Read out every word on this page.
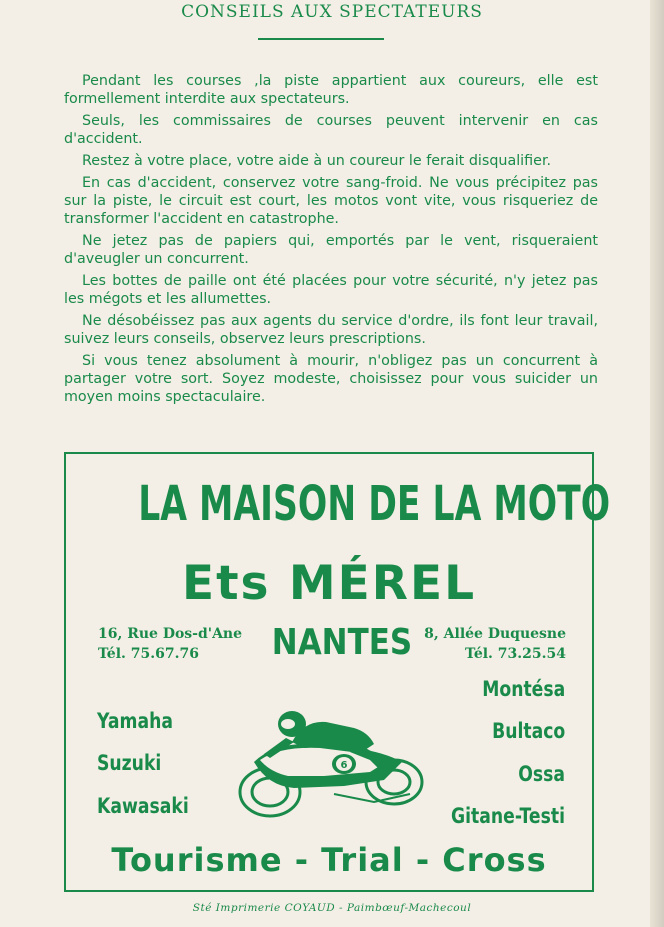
CONSEILS AUX SPECTATEURS

Pendant les courses ,la piste appartient aux coureurs, elle est formellement interdite aux spectateurs.

Seuls, les commissaires de courses peuvent intervenir en cas d'accident.

Restez à votre place, votre aide à un coureur le ferait disqualifier.

En cas d'accident, conservez votre sang-froid. Ne vous précipitez pas sur la piste, le circuit est court, les motos vont vite, vous risqueriez de transformer l'accident en catastrophe.

Ne jetez pas de papiers qui, emportés par le vent, risqueraient d'aveugler un concurrent.

Les bottes de paille ont été placées pour votre sécurité, n'y jetez pas les mégots et les allumettes.

Ne désobéissez pas aux agents du service d'ordre, ils font leur travail, suivez leurs conseils, observez leurs prescriptions.

Si vous tenez absolument à mourir, n'obligez pas un concurrent à partager votre sort. Soyez modeste, choisissez pour vous suicider un moyen moins spectaculaire.

LA MAISON DE LA MOTO
Ets MÉREL
16, Rue Dos-d'Ane
Tél. 75.67.76	NANTES 8, Allée Duquesne
Tél. 73.25.54
Yamaha
Suzuki
Kawasaki
Montésa
Bultaco
Ossa
Gitane-Testi
6
Tourisme - Trial - Cross
Sté Imprimerie COYAUD - Paimbœuf-Machecoul
